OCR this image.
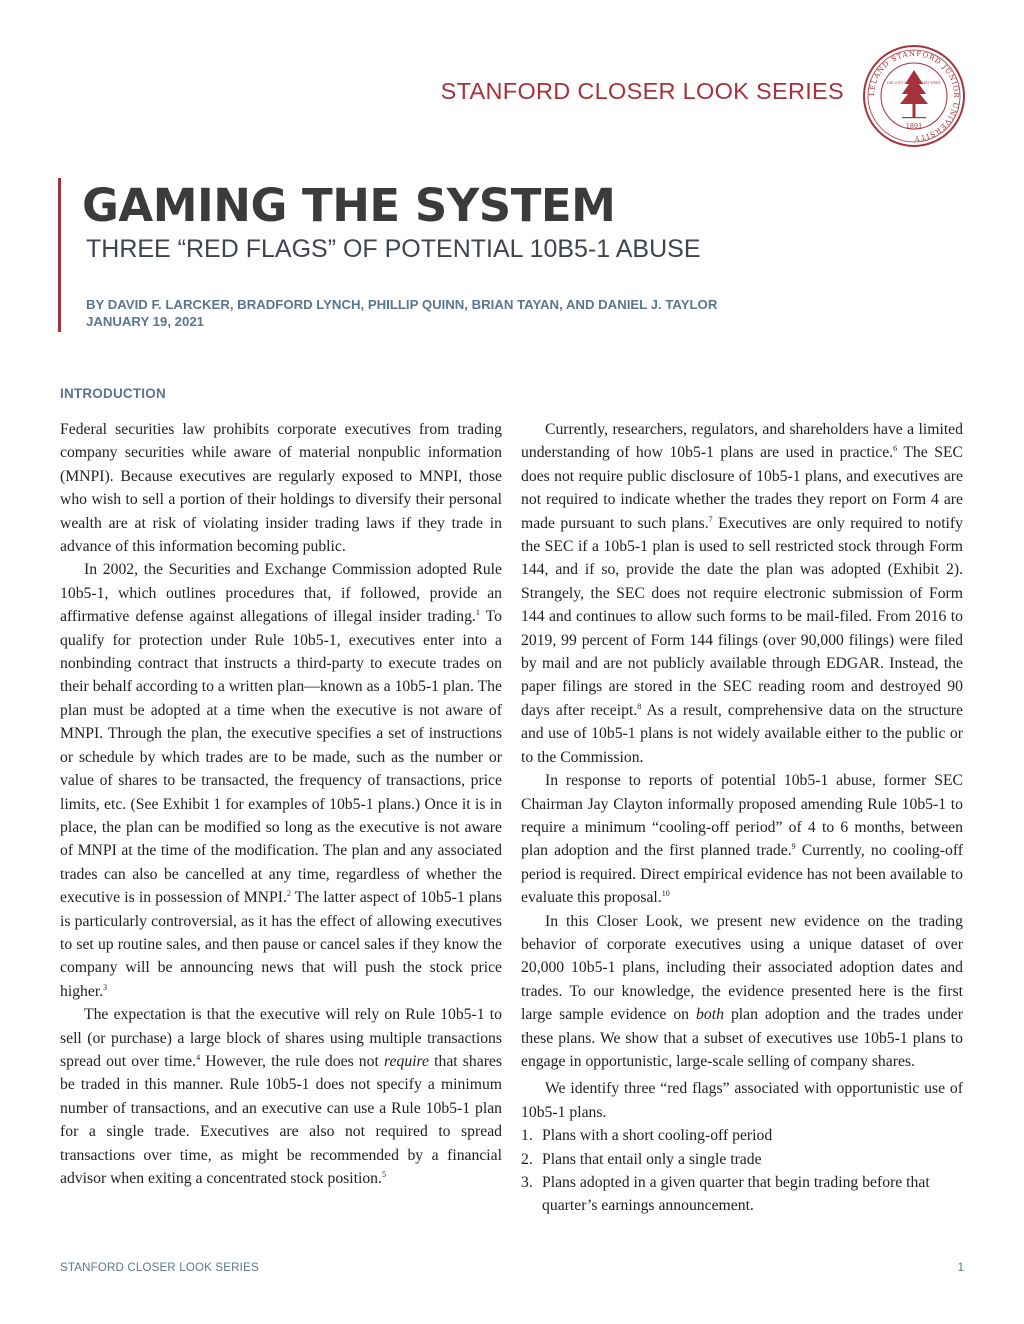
STANFORD CLOSER LOOK SERIES	LELAND STANFORD JUNIOR UNIVERSITY
1891
DIE LUFT DER FREIHEIT WEHT
GAMING THE SYSTEM
THREE “RED FLAGS” OF POTENTIAL 10B5-1 ABUSE
BY DAVID F. LARCKER, BRADFORD LYNCH, PHILLIP QUINN, BRIAN TAYAN, AND DANIEL J. TAYLOR
JANUARY 19, 2021
INTRODUCTION

Federal securities law prohibits corporate executives from trading company securities while aware of material nonpublic information (MNPI). Because executives are regularly exposed to MNPI, those who wish to sell a portion of their holdings to diversify their personal wealth are at risk of violating insider trading laws if they trade in advance of this information becoming public.

In 2002, the Securities and Exchange Commission adopted Rule 10b5-1, which outlines procedures that, if followed, provide an affirmative defense against allegations of illegal insider trading.$^1$ To qualify for protection under Rule 10b5-1, executives enter into a nonbinding contract that instructs a third-party to execute trades on their behalf according to a written plan––known as a 10b5-1 plan. The plan must be adopted at a time when the executive is not aware of MNPI. Through the plan, the executive specifies a set of instructions or schedule by which trades are to be made, such as the number or value of shares to be transacted, the frequency of transactions, price limits, etc. (See Exhibit 1 for examples of 10b5-1 plans.) Once it is in place, the plan can be modified so long as the executive is not aware of MNPI at the time of the modification. The plan and any associated trades can also be cancelled at any time, regardless of whether the executive is in possession of MNPI.$^2$ The latter aspect of 10b5-1 plans is particularly controversial, as it has the effect of allowing executives to set up routine sales, and then pause or cancel sales if they know the company will be announcing news that will push the stock price higher.$^3$

The expectation is that the executive will rely on Rule 10b5-1 to sell (or purchase) a large block of shares using multiple transactions spread out over time.$^4$ However, the rule does not require that shares be traded in this manner. Rule 10b5-1 does not specify a minimum number of transactions, and an executive can use a Rule 10b5-1 plan for a single trade. Executives are also not required to spread transactions over time, as might be recommended by a financial advisor when exiting a concentrated stock position.$^5$

Currently, researchers, regulators, and shareholders have a limited understanding of how 10b5-1 plans are used in practice.$^6$ The SEC does not require public disclosure of 10b5-1 plans, and executives are not required to indicate whether the trades they report on Form 4 are made pursuant to such plans.$^7$ Executives are only required to notify the SEC if a 10b5-1 plan is used to sell restricted stock through Form 144, and if so, provide the date the plan was adopted (Exhibit 2). Strangely, the SEC does not require electronic submission of Form 144 and continues to allow such forms to be mail-filed. From 2016 to 2019, 99 percent of Form 144 filings (over 90,000 filings) were filed by mail and are not publicly available through EDGAR. Instead, the paper filings are stored in the SEC reading room and destroyed 90 days after receipt.$^8$ As a result, comprehensive data on the structure and use of 10b5-1 plans is not widely available either to the public or to the Commission.

In response to reports of potential 10b5-1 abuse, former SEC Chairman Jay Clayton informally proposed amending Rule 10b5-1 to require a minimum “cooling-off period” of 4 to 6 months, between plan adoption and the first planned trade.$^9$ Currently, no cooling-off period is required. Direct empirical evidence has not been available to evaluate this proposal.$^{10}$

In this Closer Look, we present new evidence on the trading behavior of corporate executives using a unique dataset of over 20,000 10b5-1 plans, including their associated adoption dates and trades. To our knowledge, the evidence presented here is the first large sample evidence on both plan adoption and the trades under these plans. We show that a subset of executives use 10b5-1 plans to engage in opportunistic, large-scale selling of company shares.

We identify three “red flags” associated with opportunistic use of 10b5-1 plans.

1. Plans with a short cooling-off period
2. Plans that entail only a single trade
3. Plans adopted in a given quarter that begin trading before that quarter’s earnings announcement.
STANFORD CLOSER LOOK SERIES	1
